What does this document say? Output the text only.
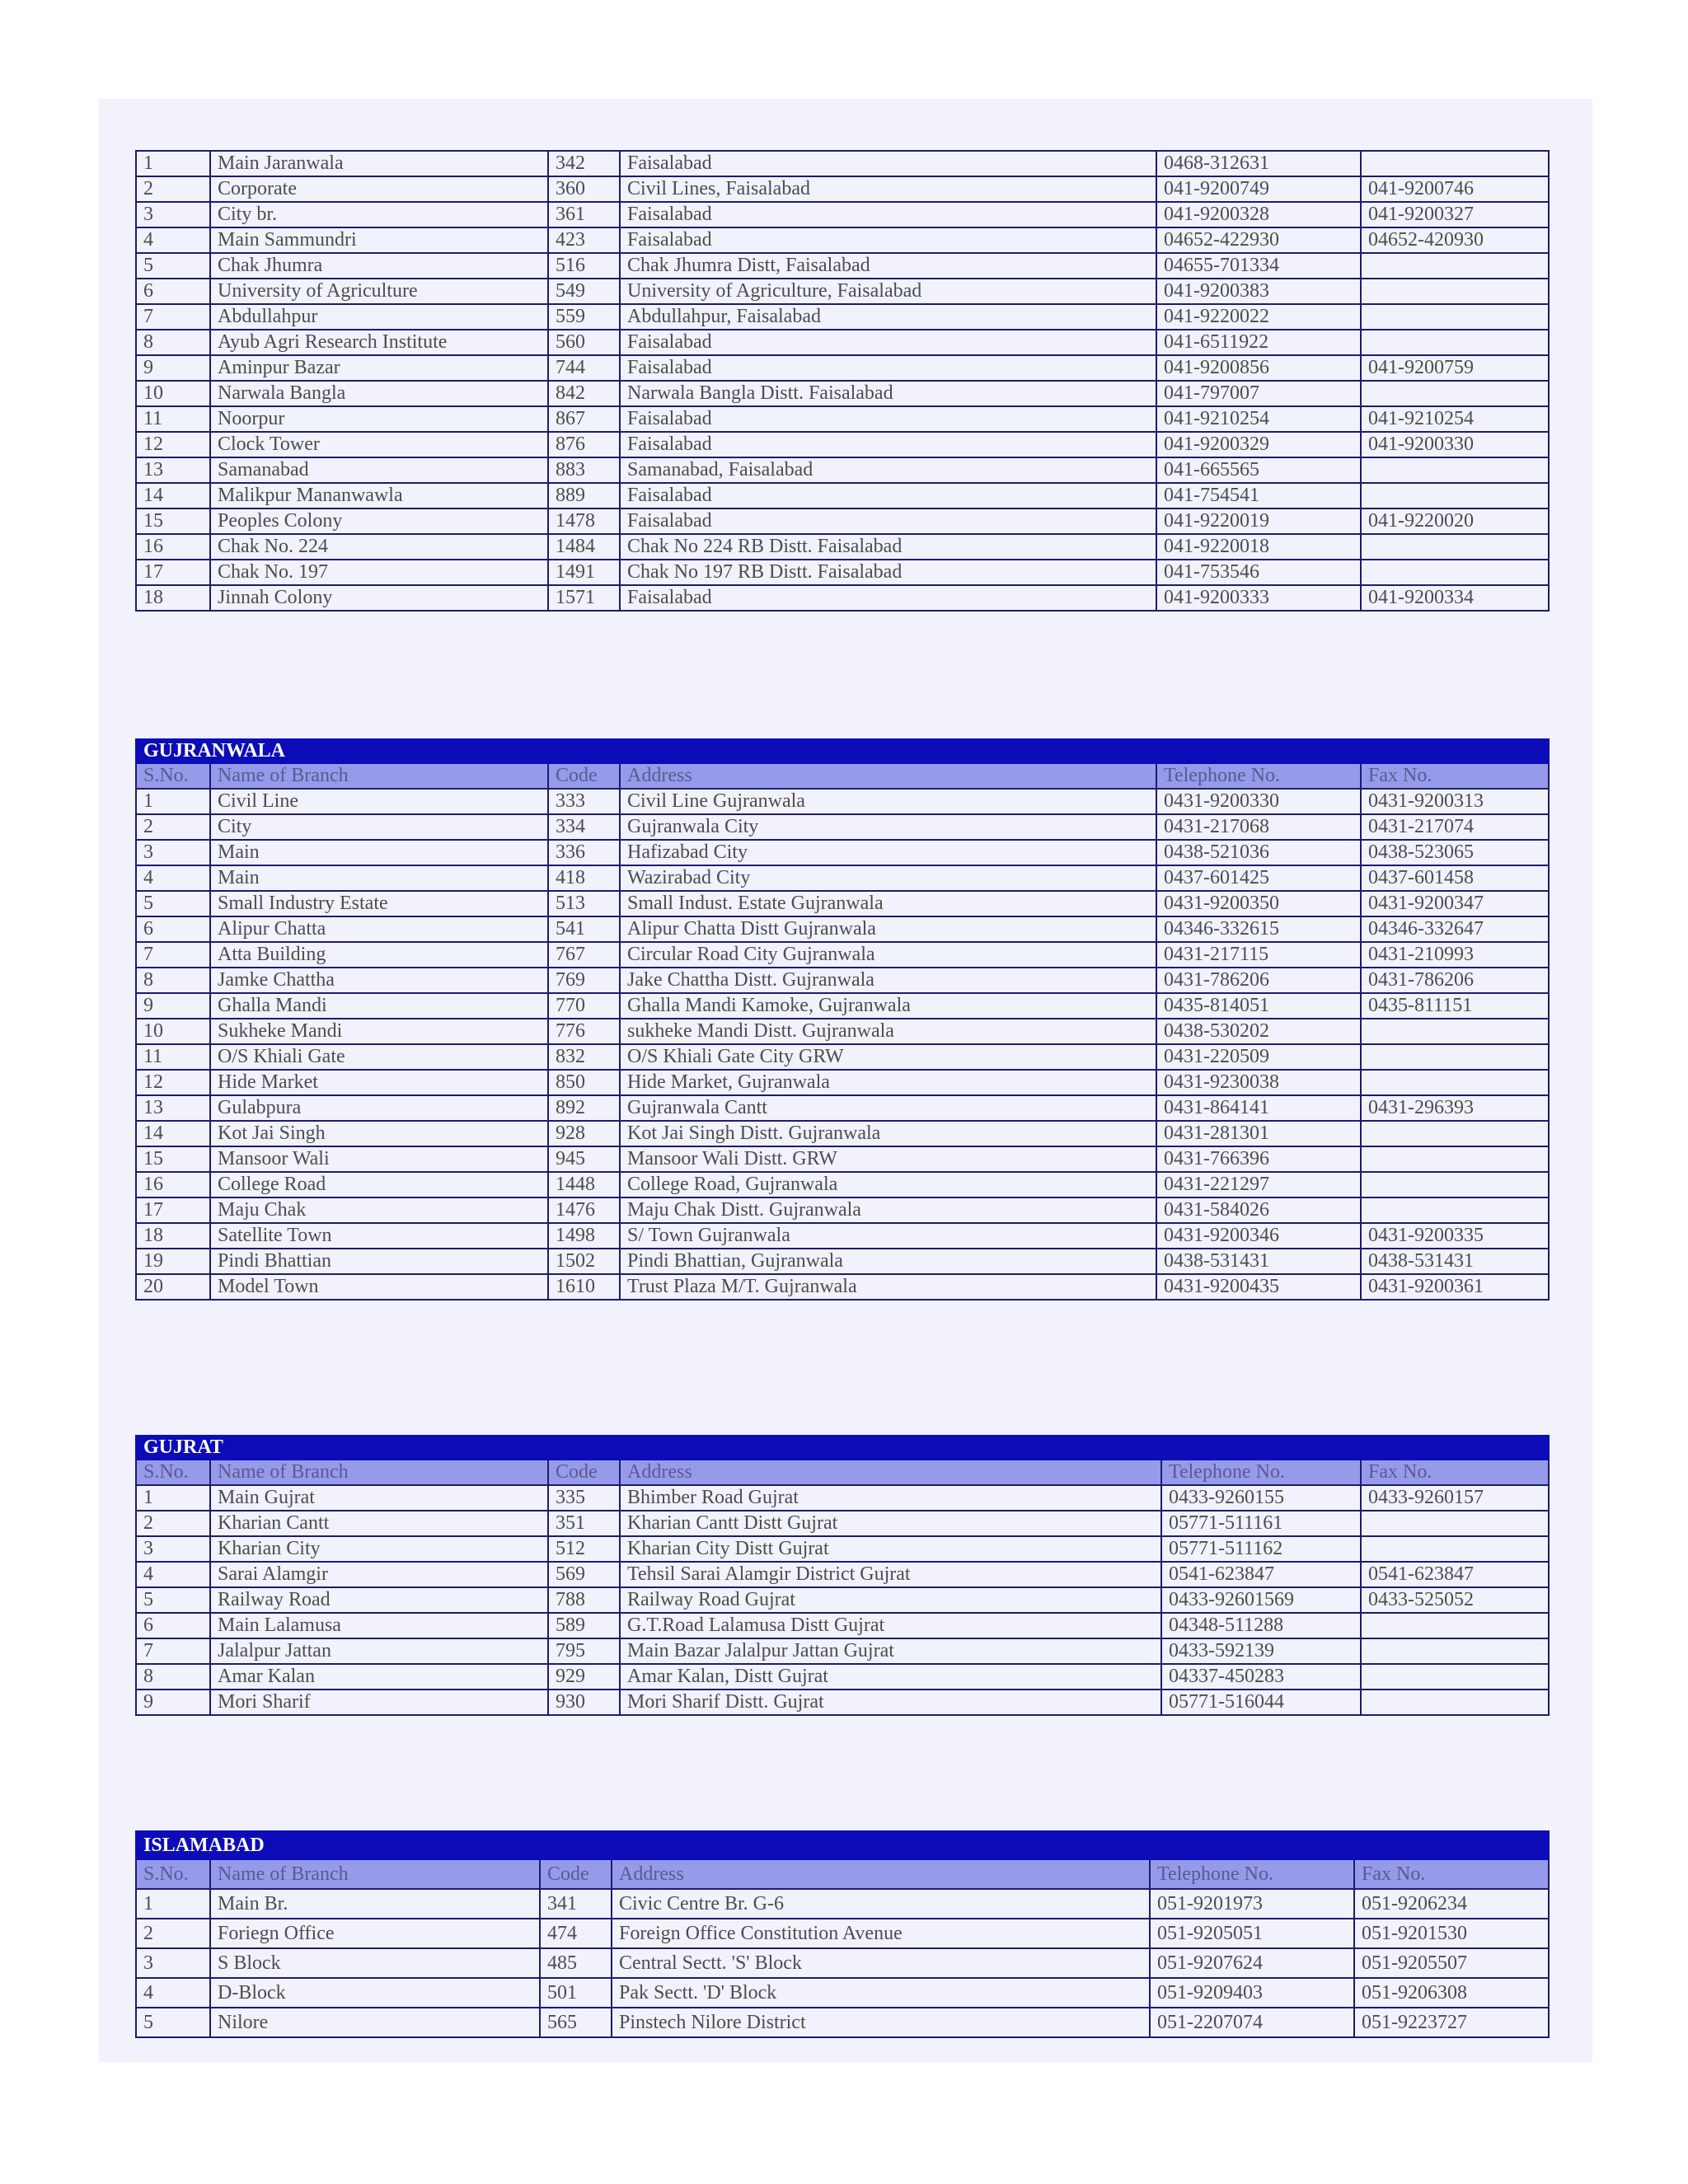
1	Main Jaranwala	342	Faisalabad	0468-312631	
2	Corporate	360	Civil Lines, Faisalabad	041-9200749	041-9200746
3	City br.	361	Faisalabad	041-9200328	041-9200327
4	Main Sammundri	423	Faisalabad	04652-422930	04652-420930
5	Chak Jhumra	516	Chak Jhumra Distt, Faisalabad	04655-701334	
6	University of Agriculture	549	University of Agriculture, Faisalabad	041-9200383	
7	Abdullahpur	559	Abdullahpur, Faisalabad	041-9220022	
8	Ayub Agri Research Institute	560	Faisalabad	041-6511922	
9	Aminpur Bazar	744	Faisalabad	041-9200856	041-9200759
10	Narwala Bangla	842	Narwala Bangla Distt. Faisalabad	041-797007	
11	Noorpur	867	Faisalabad	041-9210254	041-9210254
12	Clock Tower	876	Faisalabad	041-9200329	041-9200330
13	Samanabad	883	Samanabad, Faisalabad	041-665565	
14	Malikpur Mananwawla	889	Faisalabad	041-754541	
15	Peoples Colony	1478	Faisalabad	041-9220019	041-9220020
16	Chak No. 224	1484	Chak No 224 RB Distt. Faisalabad	041-9220018	
17	Chak No. 197	1491	Chak No 197 RB Distt. Faisalabad	041-753546	
18	Jinnah Colony	1571	Faisalabad	041-9200333	041-9200334
GUJRANWALA					
S.No.	Name of Branch	Code	Address	Telephone No.	Fax No.
1	Civil Line	333	Civil Line Gujranwala	0431-9200330	0431-9200313
2	City	334	Gujranwala City	0431-217068	0431-217074
3	Main	336	Hafizabad City	0438-521036	0438-523065
4	Main	418	Wazirabad City	0437-601425	0437-601458
5	Small Industry Estate	513	Small Indust. Estate Gujranwala	0431-9200350	0431-9200347
6	Alipur Chatta	541	Alipur Chatta Distt Gujranwala	04346-332615	04346-332647
7	Atta Building	767	Circular Road City Gujranwala	0431-217115	0431-210993
8	Jamke Chattha	769	Jake Chattha Distt. Gujranwala	0431-786206	0431-786206
9	Ghalla Mandi	770	Ghalla Mandi Kamoke, Gujranwala	0435-814051	0435-811151
10	Sukheke Mandi	776	sukheke Mandi Distt. Gujranwala	0438-530202	
11	O/S Khiali Gate	832	O/S Khiali Gate City GRW	0431-220509	
12	Hide Market	850	Hide Market, Gujranwala	0431-9230038	
13	Gulabpura	892	Gujranwala Cantt	0431-864141	0431-296393
14	Kot Jai Singh	928	Kot Jai Singh Distt. Gujranwala	0431-281301	
15	Mansoor Wali	945	Mansoor Wali Distt. GRW	0431-766396	
16	College Road	1448	College Road, Gujranwala	0431-221297	
17	Maju Chak	1476	Maju Chak Distt. Gujranwala	0431-584026	
18	Satellite Town	1498	S/ Town Gujranwala	0431-9200346	0431-9200335
19	Pindi Bhattian	1502	Pindi Bhattian, Gujranwala	0438-531431	0438-531431
20	Model Town	1610	Trust Plaza M/T. Gujranwala	0431-9200435	0431-9200361
GUJRAT					
S.No.	Name of Branch	Code	Address	Telephone No.	Fax No.
1	Main Gujrat	335	Bhimber Road Gujrat	0433-9260155	0433-9260157
2	Kharian Cantt	351	Kharian Cantt Distt Gujrat	05771-511161	
3	Kharian City	512	Kharian City Distt Gujrat	05771-511162	
4	Sarai Alamgir	569	Tehsil Sarai Alamgir District Gujrat	0541-623847	0541-623847
5	Railway Road	788	Railway Road Gujrat	0433-92601569	0433-525052
6	Main Lalamusa	589	G.T.Road Lalamusa Distt Gujrat	04348-511288	
7	Jalalpur Jattan	795	Main Bazar Jalalpur Jattan Gujrat	0433-592139	
8	Amar Kalan	929	Amar Kalan, Distt Gujrat	04337-450283	
9	Mori Sharif	930	Mori Sharif Distt. Gujrat	05771-516044	
ISLAMABAD					
S.No.	Name of Branch	Code	Address	Telephone No.	Fax No.
1	Main Br.	341	Civic Centre Br. G-6	051-9201973	051-9206234
2	Foriegn Office	474	Foreign Office Constitution Avenue	051-9205051	051-9201530
3	S Block	485	Central Sectt. 'S' Block	051-9207624	051-9205507
4	D-Block	501	Pak Sectt. 'D' Block	051-9209403	051-9206308
5	Nilore	565	Pinstech Nilore District	051-2207074	051-9223727
